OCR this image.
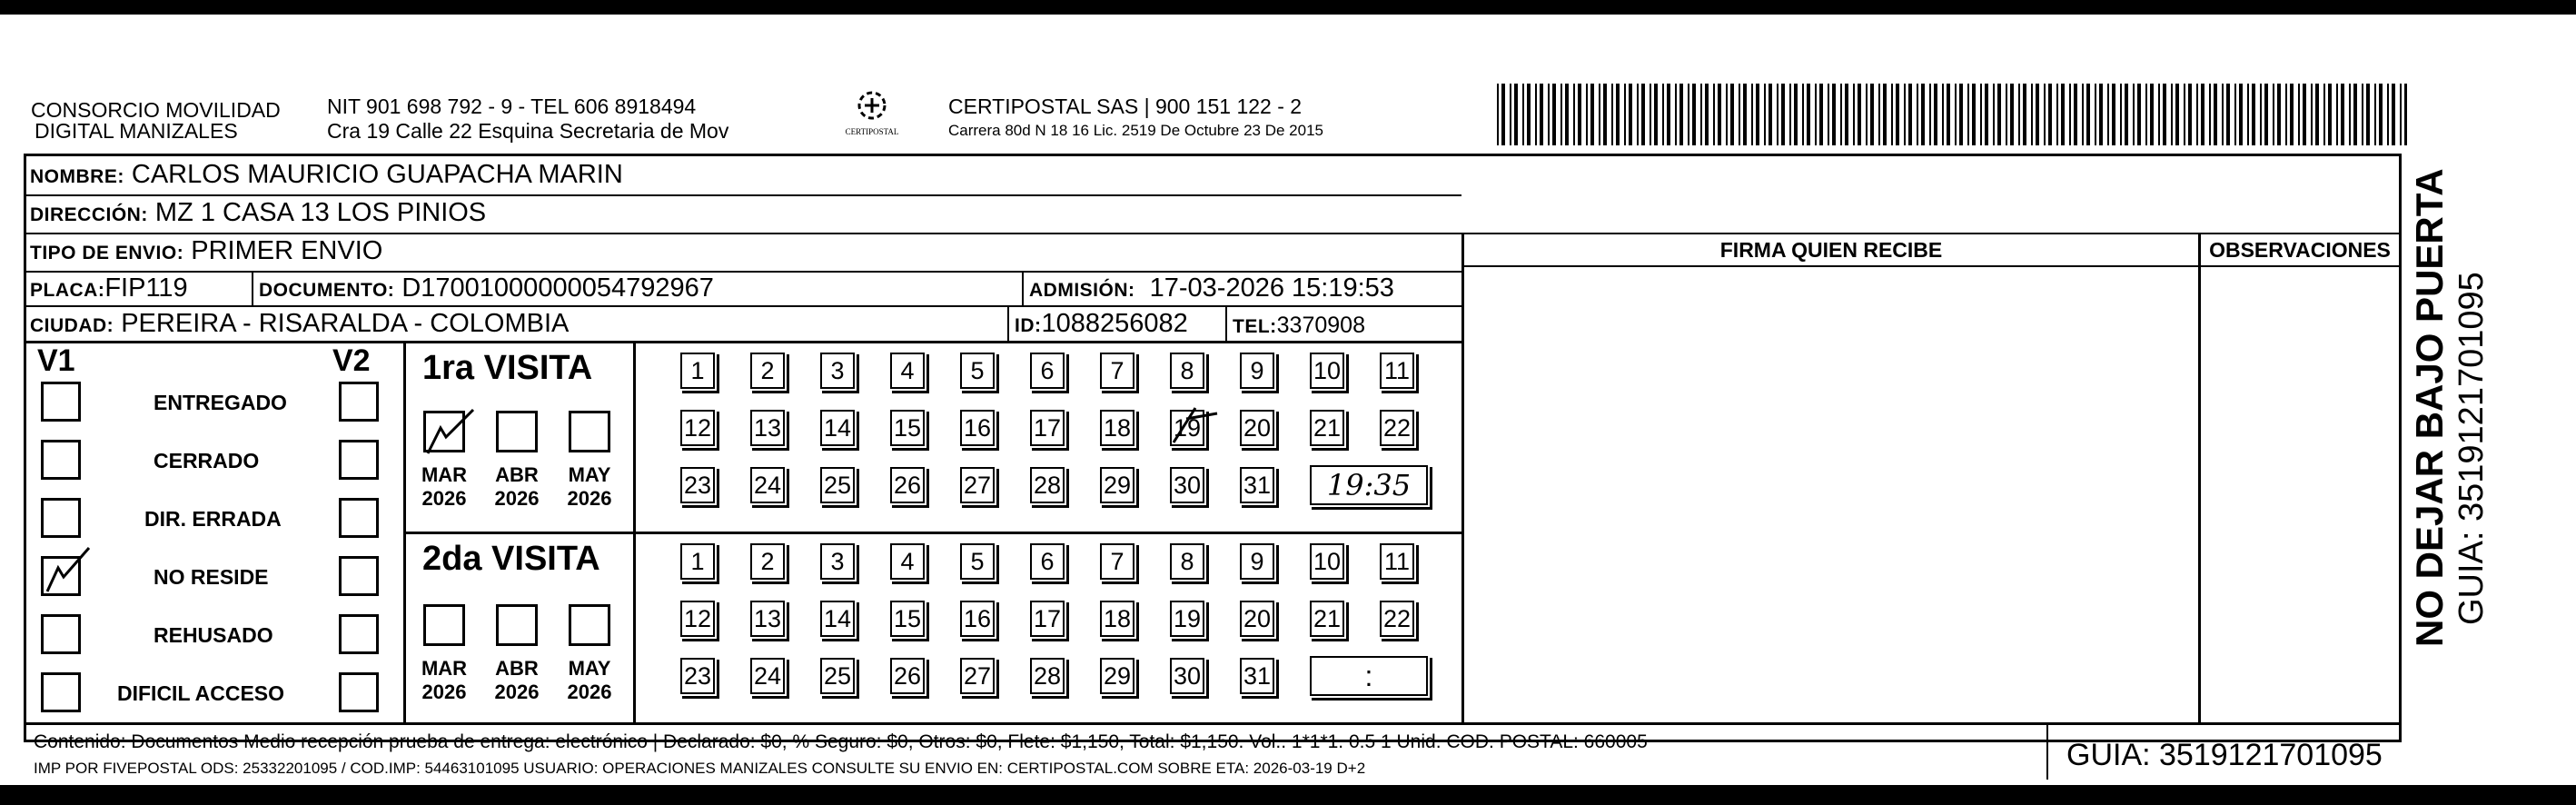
CONSORCIO MOVILIDAD
DIGITAL MANIZALES
NIT 901 698 792 - 9 - TEL 606 8918494
Cra 19 Calle 22 Esquina Secretaria de Mov	CERTIPOSTAL
CERTIPOSTAL SAS | 900 151 122 - 2
Carrera 80d N 18 16 Lic. 2519 De Octubre 23 De 2015
NOMBRE: CARLOS MAURICIO GUAPACHA MARIN
DIRECCIÓN: MZ 1 CASA 13 LOS PINIOS
TIPO DE ENVIO: PRIMER ENVIO
PLACA:FIP119	DOCUMENTO: D17001000000054792967	ADMISIÓN: 17-03-2026 15:19:53
CIUDAD: PEREIRA - RISARALDA - COLOMBIA	ID:1088256082 TEL:3370908
FIRMA QUIEN RECIBE	OBSERVACIONES
V1	V2
ENTREGADO
CERRADO
DIR. ERRADA
NO RESIDE
REHUSADO
DIFICIL ACCESO
1ra VISITA
2da VISITA
1	2	3	4	5	6	7	8	9	10 11
12 13 14 15 16 17 18 19 20 21 22
23 24 25 26 27 28 29 30 31	19:35
1	2	3	4	5	6	7	8	9	10 11
12 13 14 15 16 17 18 19 20 21 22
23 24 25 26 27 28 29 30 31	:
MAR
2026
ABR
2026
MAY
2026
MAR
2026
ABR
2026
MAY
2026
Contenido: Documentos Medio recepción prueba de entrega: electrónico | Declarado: $0, % Seguro: $0, Otros: $0, Flete: $1,150, Total: $1,150. Vol.. 1*1*1. 0.5 1 Unid. COD. POSTAL: 660005
IMP POR FIVEPOSTAL ODS: 25332201095 / COD.IMP: 54463101095 USUARIO: OPERACIONES MANIZALES CONSULTE SU ENVIO EN: CERTIPOSTAL.COM SOBRE ETA: 2026-03-19 D+2	GUIA: 3519121701095
NO DEJAR BAJO PUERTA GUIA: 3519121701095
